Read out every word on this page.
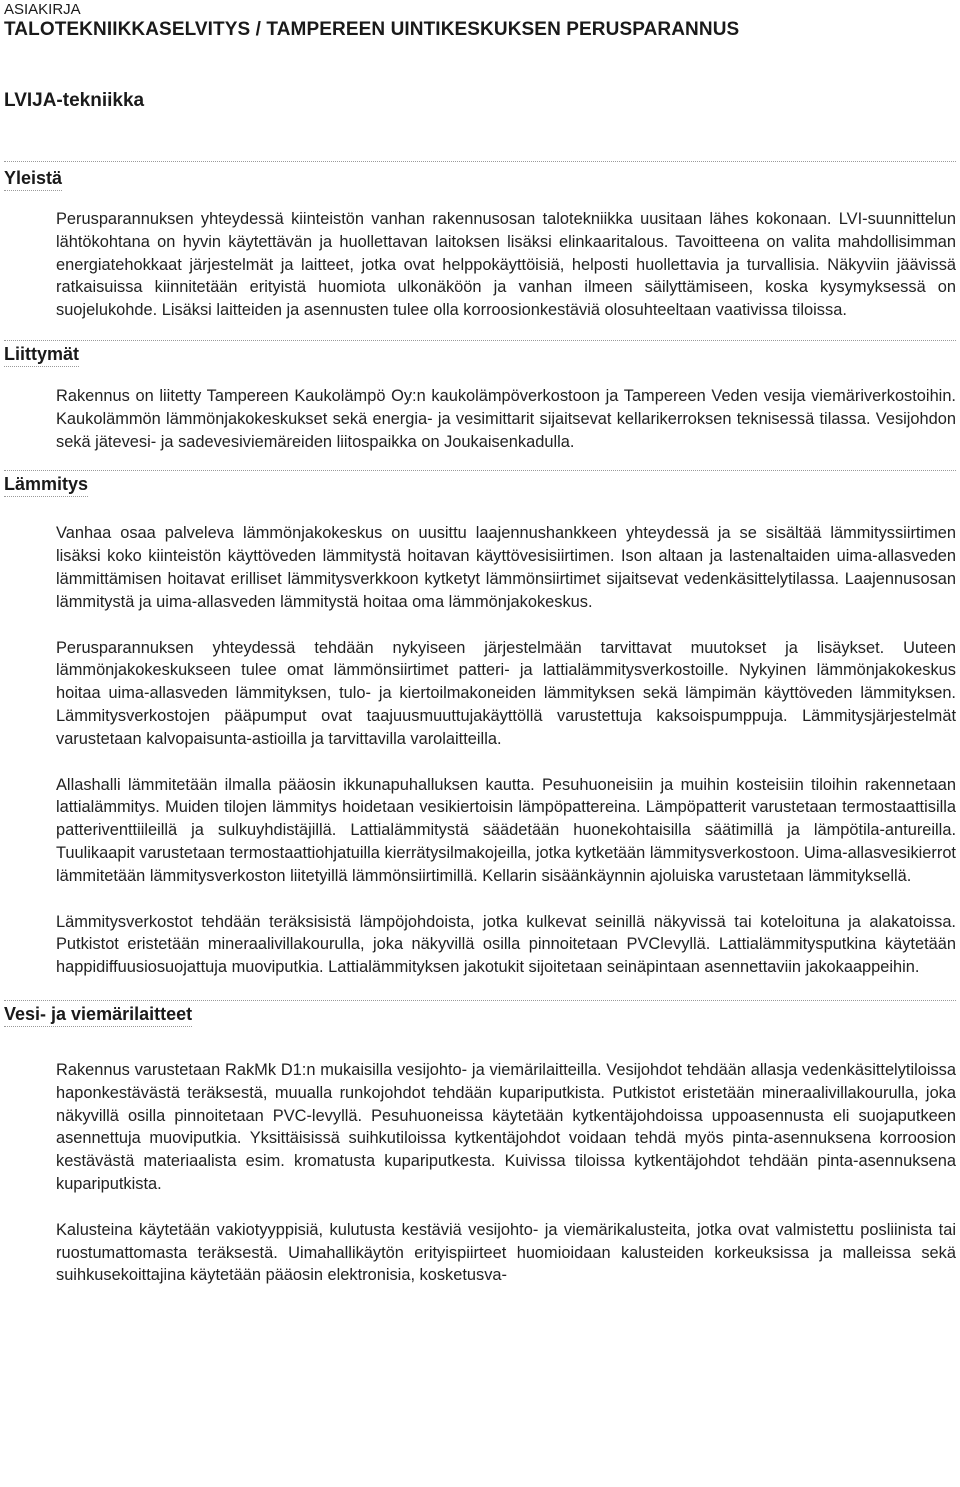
ASIAKIRJA
TALOTEKNIIKKASELVITYS / TAMPEREEN UINTIKESKUKSEN PERUSPARANNUS
LVIJA-tekniikka
Yleistä
Perusparannuksen yhteydessä kiinteistön vanhan rakennusosan talotekniikka uusitaan lähes kokonaan. LVI-suunnittelun lähtökohtana on hyvin käytettävän ja huollettavan laitoksen lisäksi elinkaaritalous. Tavoitteena on valita mahdollisimman energiatehokkaat järjestelmät ja laitteet, jotka ovat helppokäyttöisiä, helposti huollettavia ja turvallisia. Näkyviin jäävissä ratkaisuissa kiinnitetään erityistä huomiota ulkonäköön ja vanhan ilmeen säilyttämiseen, koska kysymyksessä on suojelukohde. Lisäksi laitteiden ja asennusten tulee olla korroosionkestäviä olosuhteeltaan vaativissa tiloissa.
Liittymät
Rakennus on liitetty Tampereen Kaukolämpö Oy:n kaukolämpöverkostoon ja Tampereen Veden vesija viemäriverkostoihin. Kaukolämmön lämmönjakokeskukset sekä energia- ja vesimittarit sijaitsevat kellarikerroksen teknisessä tilassa. Vesijohdon sekä jätevesi- ja sadevesiviemäreiden liitospaikka on Joukaisenkadulla.
Lämmitys
Vanhaa osaa palveleva lämmönjakokeskus on uusittu laajennushankkeen yhteydessä ja se sisältää lämmityssiirtimen lisäksi koko kiinteistön käyttöveden lämmitystä hoitavan käyttövesisiirtimen. Ison altaan ja lastenaltaiden uima-allasveden lämmittämisen hoitavat erilliset lämmitysverkkoon kytketyt lämmönsiirtimet sijaitsevat vedenkäsittelytilassa. Laajennusosan lämmitystä ja uima-allasveden lämmitystä hoitaa oma lämmönjakokeskus.
Perusparannuksen yhteydessä tehdään nykyiseen järjestelmään tarvittavat muutokset ja lisäykset. Uuteen lämmönjakokeskukseen tulee omat lämmönsiirtimet patteri- ja lattialämmitysverkostoille. Nykyinen lämmönjakokeskus hoitaa uima-allasveden lämmityksen, tulo- ja kiertoilmakoneiden lämmityksen sekä lämpimän käyttöveden lämmityksen. Lämmitysverkostojen pääpumput ovat taajuusmuuttujakäyttöllä varustettuja kaksoispumppuja. Lämmitysjärjestelmät varustetaan kalvopaisunta-astioilla ja tarvittavilla varolaitteilla.
Allashalli lämmitetään ilmalla pääosin ikkunapuhalluksen kautta. Pesuhuoneisiin ja muihin kosteisiin tiloihin rakennetaan lattialämmitys. Muiden tilojen lämmitys hoidetaan vesikiertoisin lämpöpattereina. Lämpöpatterit varustetaan termostaattisilla patteriventtiileillä ja sulkuyhdistäjillä. Lattialämmitystä säädetään huonekohtaisilla säätimillä ja lämpötila-antureilla. Tuulikaapit varustetaan termostaattiohjatuilla kierrätysilmakojeilla, jotka kytketään lämmitysverkostoon. Uima-allasvesikierrot lämmitetään lämmitysverkoston liitetyillä lämmönsiirtimillä. Kellarin sisäänkäynnin ajoluiska varustetaan lämmityksellä.
Lämmitysverkostot tehdään teräksisistä lämpöjohdoista, jotka kulkevat seinillä näkyvissä tai koteloituna ja alakatoissa. Putkistot eristetään mineraalivillakourulla, joka näkyvillä osilla pinnoitetaan PVClevyllä. Lattialämmitysputkina käytetään happidiffuusiosuojattuja muoviputkia. Lattialämmityksen jakotukit sijoitetaan seinäpintaan asennettaviin jakokaappeihin.
Vesi- ja viemärilaitteet
Rakennus varustetaan RakMk D1:n mukaisilla vesijohto- ja viemärilaitteilla. Vesijohdot tehdään allasja vedenkäsittelytiloissa haponkestävästä teräksestä, muualla runkojohdot tehdään kupariputkista. Putkistot eristetään mineraalivillakourulla, joka näkyvillä osilla pinnoitetaan PVC-levyllä. Pesuhuoneissa käytetään kytkentäjohdoissa uppoasennusta eli suojaputkeen asennettuja muoviputkia. Yksittäisissä suihkutiloissa kytkentäjohdot voidaan tehdä myös pinta-asennuksena korroosion kestävästä materiaalista esim. kromatusta kupariputkesta. Kuivissa tiloissa kytkentäjohdot tehdään pinta-asennuksena kupariputkista.
Kalusteina käytetään vakiotyyppisiä, kulutusta kestäviä vesijohto- ja viemärikalusteita, jotka ovat valmistettu posliinista tai ruostumattomasta teräksestä. Uimahallikäytön erityispiirteet huomioidaan kalusteiden korkeuksissa ja malleissa sekä suihkusekoittajina käytetään pääosin elektronisia, kosketusva-
